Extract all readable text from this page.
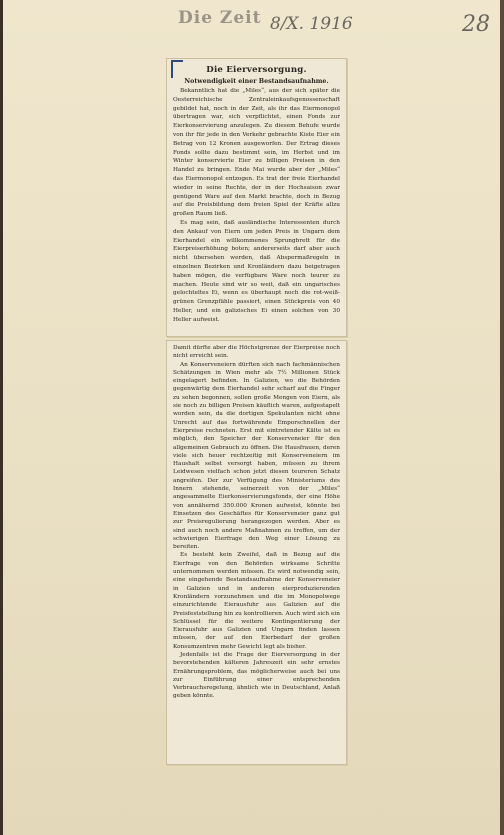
Die Zeit 8/X. 1916	28
Die Eierversorgung.
Notwendigkeit einer Bestandsaufnahme.

Bekanntlich hat die „Miles“, aus der sich später die Oesterreichische Zentraleinkaufsgenossenschaft gebildet hat, noch in der Zeit, als ihr das Eiermonopol übertragen war, sich verpflichtet, einen Fonds zur Eierkonservierung anzulegen. Zu diesem Behufe wurde von ihr für jede in den Verkehr gebrachte Kiste Eier ein Betrag von 12 Kronen ausgeworfen. Der Ertrag dieses Fonds sollte dazu bestimmt sein, im Herbst und im Winter konservierte Eier zu billigen Preisen in den Handel zu bringen. Ende Mai wurde aber der „Miles“ das Eiermonopol entzogen. Es trat der freie Eierhandel wieder in seine Rechte, der in der Hochsaison zwar genügend Ware auf den Markt brachte, doch in Bezug auf die Preisbildung dem freien Spiel der Kräfte allzu großen Raum ließ.

Es mag sein, daß ausländische Interessenten durch den Ankauf von Eiern um jeden Preis in Ungarn dem Eierhandel ein willkommenes Sprungbrett für die Eierpreiserhöhung boten; andererseits darf aber auch nicht übersehen werden, daß Abspermaßregeln in einzelnen Bezirken und Kronländern dazu beigetragen haben mögen, die verfügbare Ware noch teurer zu machen. Heute sind wir so weit, daß ein ungarisches gelochteltes Ei, wenn es überhaupt noch die rot-weiß-grünen Grenzpfähle passiert, einen Stückpreis von 40 Heller, und ein galizisches Ei einen solchen von 30 Heller aufweist.

Damit dürfte aber die Höchstgrenze der Eierpreise noch nicht erreicht sein.

An Konserveneiern dürften sich nach fachmännischen Schätzungen in Wien mehr als 7½ Millionen Stück eingelagert befinden. In Galizien, wo die Behörden gegenwärtig dem Eierhandel sehr scharf auf die Finger zu sehen begonnen, sollen große Mengen von Eiern, als sie noch zu billigen Preisen käuflich waren, aufgestapelt worden sein, da die dortigen Spekulanten nicht ohne Unrecht auf das fortwährende Emporschnellen der Eierpreise rechneten. Erst mit eintretender Kälte ist es möglich, den Speicher der Konserveneier für den allgemeinen Gebrauch zu öffnen. Die Hausfrauen, deren viele sich heuer rechtzeitig mit Konserveneiern im Haushalt selbst versorgt haben, müssen zu ihrem Leidwesen vielfach schon jetzt diesen teureren Schatz angreifen. Der zur Verfügung des Ministeriums des Innern stehende, seinerzeit von der „Miles“ angesammelte Eierkonservierungsfonds, der eine Höhe von annähernd 350.000 Kronen aufweist, könnte bei Einsetzen des Geschäftes für Konserveneier ganz gut zur Preisregulierung herangezogen werden. Aber es sind auch noch andere Maßnahmen zu treffen, um der schwierigen Eierfrage den Weg einer Lösung zu bereiten.

Es besteht kein Zweifel, daß in Bezug auf die Eierfrage von den Behörden wirksame Schritte unternommen werden müssen. Es wird notwendig sein, eine eingehende Bestandsaufnahme der Konserveneier in Galizien und in anderen eierproduzierenden Kronländern vorzunehmen und die im Monopolwege einzurichtende Eierausfuhr aus Galizien auf die Preisfeststellung hin zu kontrollieren. Auch wird sich ein Schlüssel für die weitere Kontingentierung der Eierausfuhr aus Galizien und Ungarn finden lassen müssen, der auf den Eierbedarf der großen Konsumzentren mehr Gewicht legt als bisher.

Jedenfalls ist die Frage der Eierversorgung in der bevorstehenden kälteren Jahreszeit ein sehr ernstes Ernährungsproblem, das möglicherweise auch bei uns zur Einführung einer entsprechenden Verbrauchsregelung, ähnlich wie in Deutschland, Anlaß geben könnte.
